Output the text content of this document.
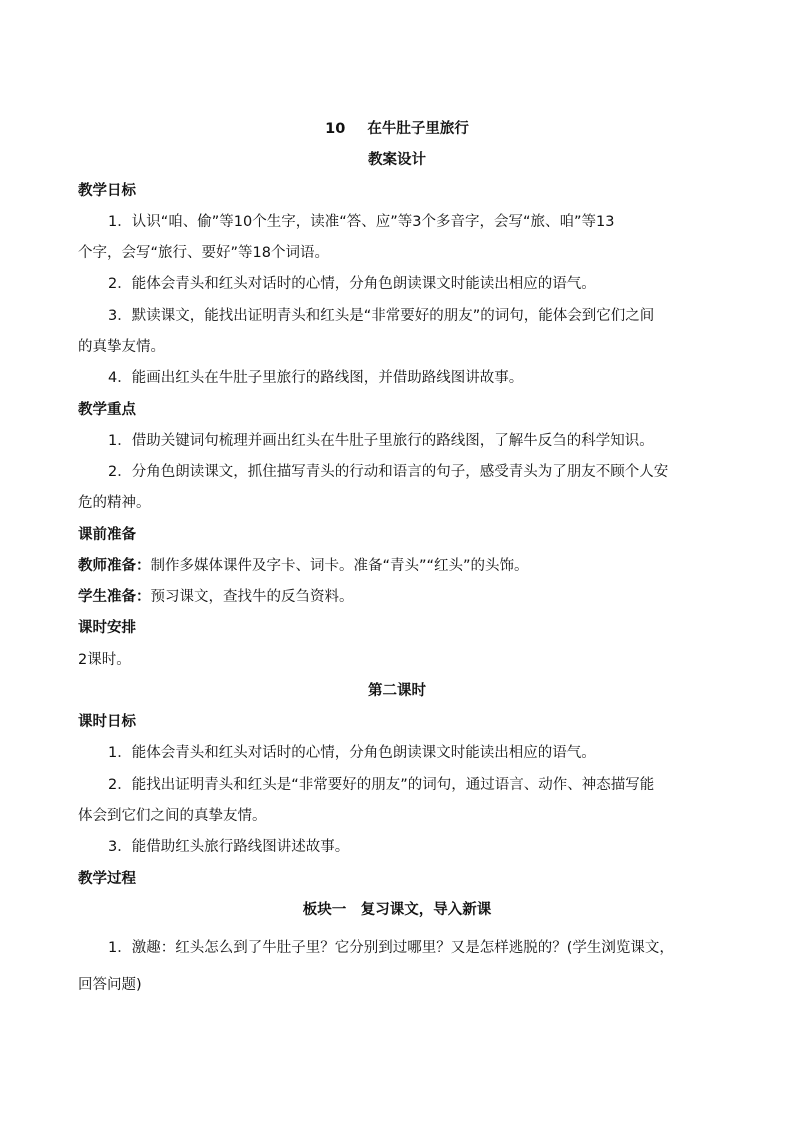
10 在牛肚子里旅行
教案设计
教学日标
1．认识“咱、偷”等10个生字，读准“答、应”等3个多音字，会写“旅、咱”等13
个字，会写“旅行、要好”等18个词语。
2．能体会青头和红头对话时的心情，分角色朗读课文时能读出相应的语气。
3．默读课文，能找出证明青头和红头是“非常要好的朋友”的词句，能体会到它们之间
的真挚友情。
4．能画出红头在牛肚子里旅行的路线图，并借助路线图讲故事。
教学重点
1．借助关键词句梳理并画出红头在牛肚子里旅行的路线图，了解牛反刍的科学知识。
2．分角色朗读课文，抓住描写青头的行动和语言的句子，感受青头为了朋友不顾个人安
危的精神。
课前准备
教师准备：制作多媒体课件及字卡、词卡。准备“青头”“红头”的头饰。
学生准备：预习课文，查找牛的反刍资料。
课时安排
2课时。
第二课时
课时日标
1．能体会青头和红头对话时的心情，分角色朗读课文时能读出相应的语气。
2．能找出证明青头和红头是“非常要好的朋友”的词句，通过语言、动作、神态描写能
体会到它们之间的真挚友情。
3．能借助红头旅行路线图讲述故事。
教学过程
板块一　复习课文，导入新课
1．激趣：红头怎么到了牛肚子里？它分别到过哪里？又是怎样逃脱的？(学生浏览课文，
回答问题)
